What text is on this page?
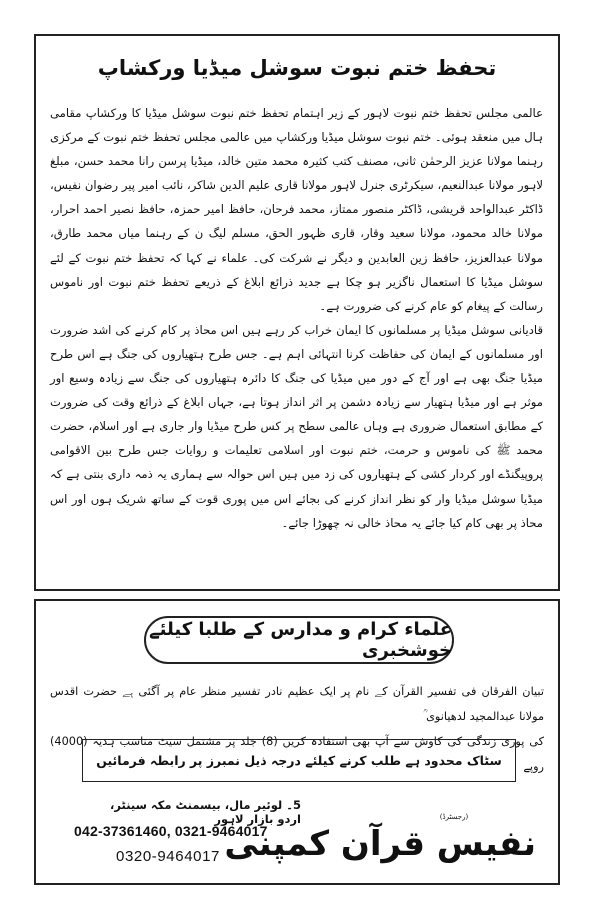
تحفظ ختم نبوت سوشل میڈیا ورکشاپ

عالمی مجلس تحفظ ختم نبوت لاہور کے زیر اہتمام تحفظ ختم نبوت سوشل میڈیا کا ورکشاپ مقامی ہال میں منعقد ہوئی۔ ختم نبوت سوشل میڈیا ورکشاپ میں عالمی مجلس تحفظ ختم نبوت کے مرکزی رہنما مولانا عزیز الرحمٰن ثانی، مصنف کتب کثیرہ محمد متین خالد، میڈیا پرسن رانا محمد حسن، مبلغ لاہور مولانا عبدالنعیم، سیکرٹری جنرل لاہور مولانا قاری علیم الدین شاکر، نائب امیر پیر رضوان نفیس، ڈاکٹر عبدالواحد قریشی، ڈاکٹر منصور ممتاز، محمد فرحان، حافظ امیر حمزہ، حافظ نصیر احمد احرار، مولانا خالد محمود، مولانا سعید وقار، قاری ظہور الحق، مسلم لیگ ن کے رہنما میاں محمد طارق، مولانا عبدالعزیز، حافظ زین العابدین و دیگر نے شرکت کی۔ علماء نے کہا کہ تحفظ ختم نبوت کے لئے سوشل میڈیا کا استعمال ناگزیر ہو چکا ہے جدید ذرائع ابلاغ کے ذریعے تحفظ ختم نبوت اور ناموس رسالت کے پیغام کو عام کرنے کی ضرورت ہے۔

قادیانی سوشل میڈیا پر مسلمانوں کا ایمان خراب کر رہے ہیں اس محاذ پر کام کرنے کی اشد ضرورت اور مسلمانوں کے ایمان کی حفاظت کرنا انتہائی اہم ہے۔ جس طرح ہتھیاروں کی جنگ ہے اس طرح میڈیا جنگ بھی ہے اور آج کے دور میں میڈیا کی جنگ کا دائرہ ہتھیاروں کی جنگ سے زیادہ وسیع اور موثر ہے اور میڈیا ہتھیار سے زیادہ دشمن پر اثر انداز ہوتا ہے، جہاں ابلاغ کے ذرائع وقت کی ضرورت کے مطابق استعمال ضروری ہے وہاں عالمی سطح پر کس طرح میڈیا وار جاری ہے اور اسلام، حضرت محمد ﷺ کی ناموس و حرمت، ختم نبوت اور اسلامی تعلیمات و روایات جس طرح بین الاقوامی پروپیگنڈے اور کردار کشی کے ہتھیاروں کی زد میں ہیں اس حوالہ سے ہماری یہ ذمہ داری بنتی ہے کہ میڈیا سوشل میڈیا وار کو نظر انداز کرنے کی بجائے اس میں پوری قوت کے ساتھ شریک ہوں اور اس محاذ پر بھی کام کیا جائے یہ محاذ خالی نہ چھوڑا جائے۔

علماء کرام و مدارس کے طلبا کیلئے خوشخبری

تبیان الفرقان فی تفسیر القرآن کے نام پر ایک عظیم نادر تفسیر منظر عام پر آگئی ہے حضرت اقدس مولانا عبدالمجید لدھیانوی ؒ

کی پوری زندگی کی کاوش سے آپ بھی استفادہ کریں (8) جلد پر مشتمل سیٹ مناسب ہدیہ (4000) روپے

سٹاک محدود ہے طلب کرنے کیلئے درجہ ذیل نمبرز پر رابطہ فرمائیں
5۔ لوئیر مال، بیسمنٹ مکہ سینٹر، اردو بازار لاہور
042-37361460, 0321-9464017
0320-9464017 نفیس قرآن کمپنی
(رجسٹرڈ)
